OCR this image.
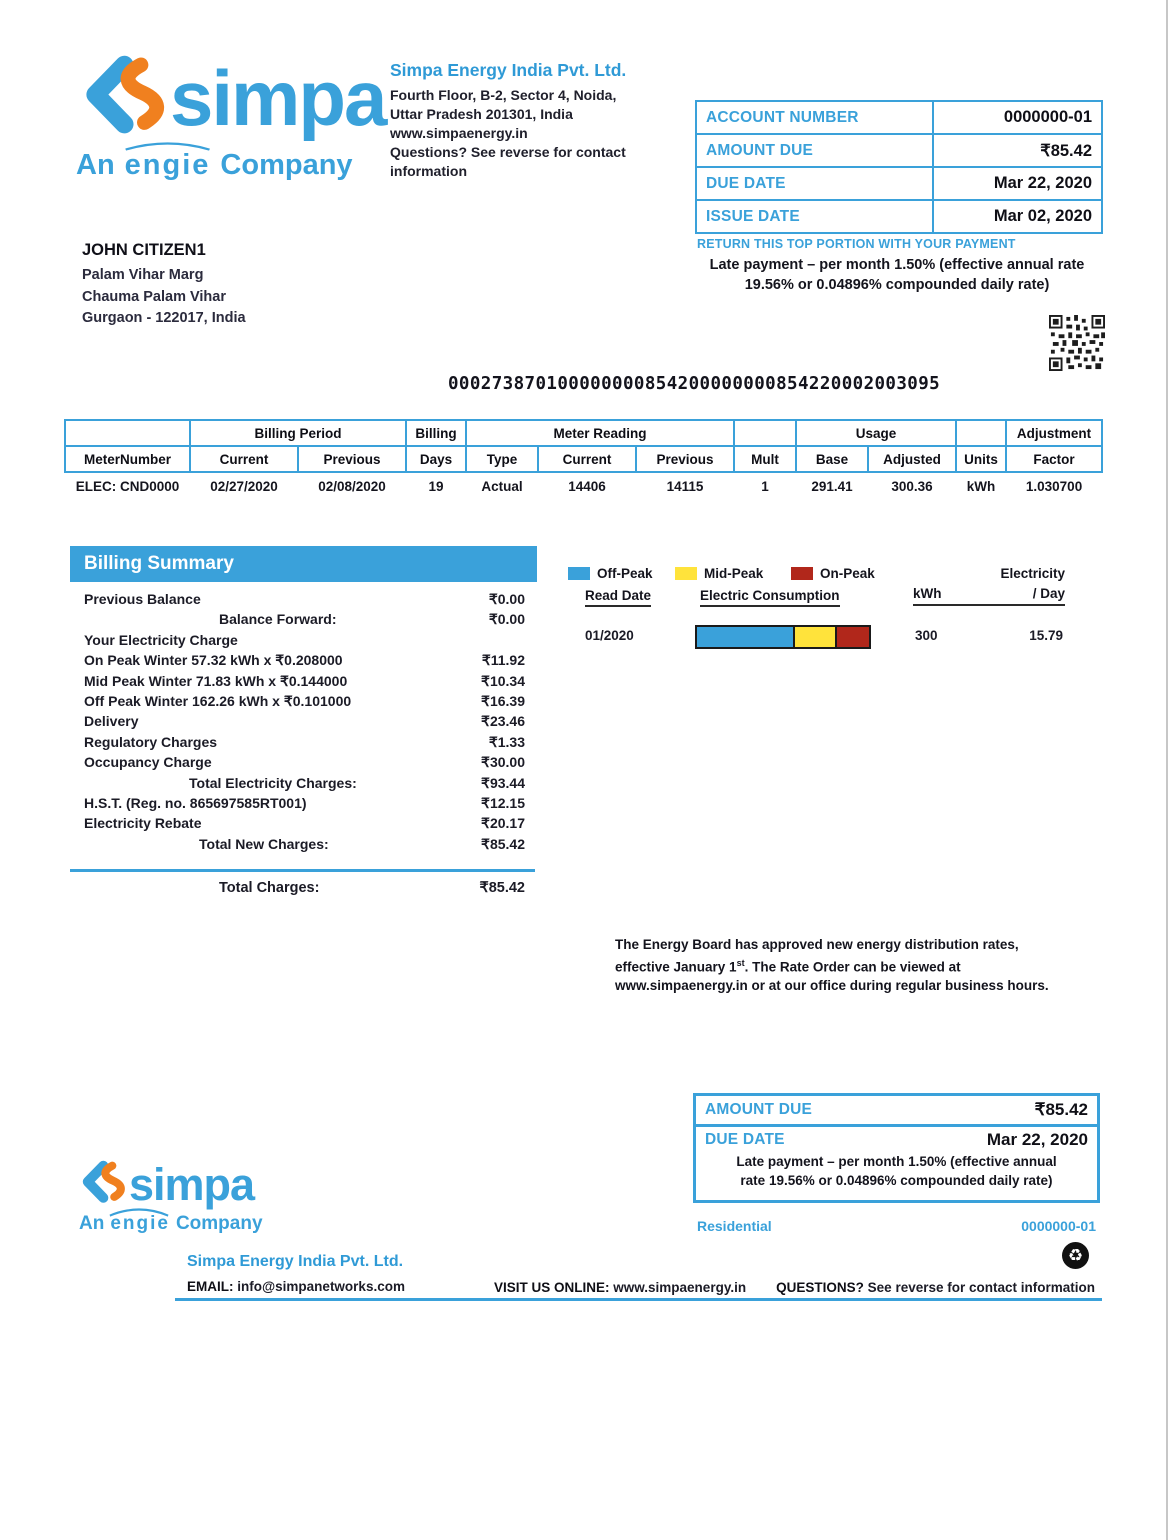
simpa
An engie Company
Simpa Energy India Pvt. Ltd.
Fourth Floor, B-2, Sector 4, Noida,
Uttar Pradesh 201301, India
www.simpaenergy.in
Questions? See reverse for contact information
ACCOUNT NUMBER	0000000-01
AMOUNT DUE	₹85.42
DUE DATE	Mar 22, 2020
ISSUE DATE	Mar 02, 2020
RETURN THIS TOP PORTION WITH YOUR PAYMENT
Late payment – per month 1.50% (effective annual rate
19.56% or 0.04896% compounded daily rate)
JOHN CITIZEN1
Palam Vihar Marg
Chauma Palam Vihar
Gurgaon - 122017, India
000273870100000000854200000000854220002003095
	Billing Period		Billing	Meter Reading				Usage			Adjustment
MeterNumber	Current	Previous	Days	Type	Current	Previous	Mult	Base	Adjusted	Units	Factor
ELEC: CND0000	02/27/2020	02/08/2020	19	Actual	14406	14115	1	291.41	300.36	kWh	1.030700
Billing Summary
Previous Balance	₹0.00
Balance Forward:	₹0.00
Your Electricity Charge
On Peak Winter 57.32 kWh x ₹0.208000	₹11.92
Mid Peak Winter 71.83 kWh x ₹0.144000	₹10.34
Off Peak Winter 162.26 kWh x ₹0.101000	₹16.39
Delivery	₹23.46
Regulatory Charges	₹1.33
Occupancy Charge	₹30.00
Total Electricity Charges:	₹93.44
H.S.T. (Reg. no. 865697585RT001)	₹12.15
Electricity Rebate	₹20.17
Total New Charges:	₹85.42
Total Charges:	₹85.42
Off-Peak	Mid-Peak	On-Peak	Electricity
Read Date	Electric Consumption	kWh	/ Day
01/2020	300	15.79
The Energy Board has approved new energy distribution rates,
effective January 1st. The Rate Order can be viewed at
www.simpaenergy.in or at our office during regular business hours.
AMOUNT DUE	₹85.42
DUE DATE	Mar 22, 2020
Late payment – per month 1.50% (effective annual
rate 19.56% or 0.04896% compounded daily rate)
Residential	0000000-01
simpa
An engie Company
Simpa Energy India Pvt. Ltd.
EMAIL: info@simpanetworks.com	VISIT US ONLINE: www.simpaenergy.in QUESTIONS? See reverse for contact information
♻
